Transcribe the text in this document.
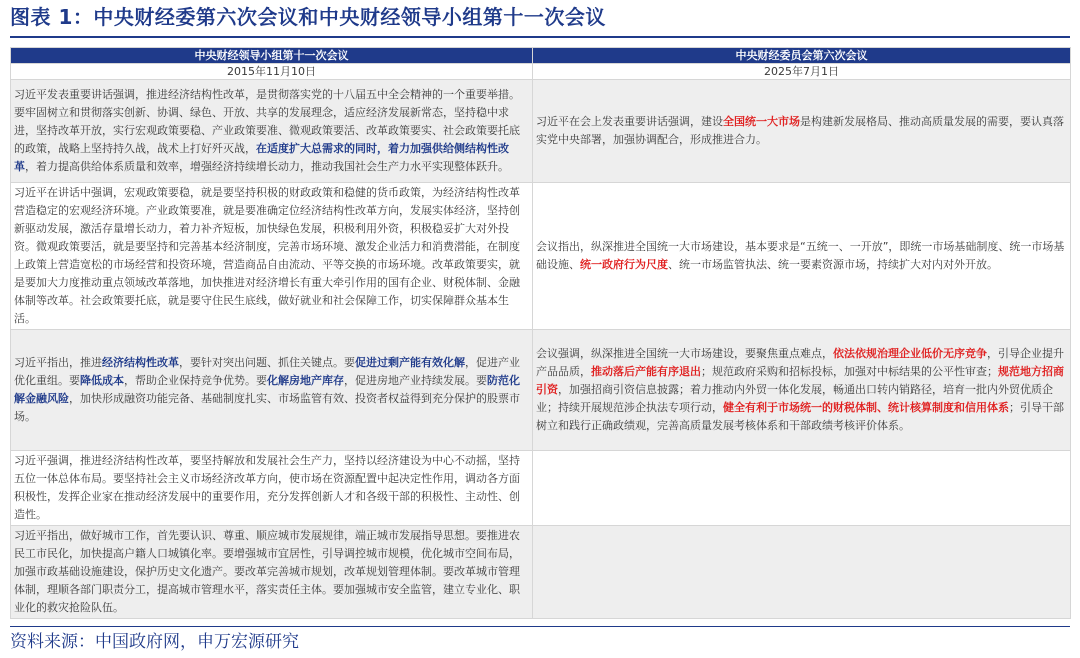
图表 1：中央财经委第六次会议和中央财经领导小组第十一次会议
中央财经领导小组第十一次会议	中央财经委员会第六次会议
2015年11月10日	2025年7月1日
习近平发表重要讲话强调，推进经济结构性改革，是贯彻落实党的十八届五中全会精神的一个重要举措。要牢固树立和贯彻落实创新、协调、绿色、开放、共享的发展理念，适应经济发展新常态，坚持稳中求进，坚持改革开放，实行宏观政策要稳、产业政策要准、微观政策要活、改革政策要实、社会政策要托底的政策，战略上坚持持久战，战术上打好歼灭战，在适度扩大总需求的同时，着力加强供给侧结构性改革，着力提高供给体系质量和效率，增强经济持续增长动力，推动我国社会生产力水平实现整体跃升。	习近平在会上发表重要讲话强调，建设全国统一大市场是构建新发展格局、推动高质量发展的需要，要认真落实党中央部署，加强协调配合，形成推进合力。
习近平在讲话中强调，宏观政策要稳，就是要坚持积极的财政政策和稳健的货币政策，为经济结构性改革营造稳定的宏观经济环境。产业政策要准，就是要准确定位经济结构性改革方向，发展实体经济，坚持创新驱动发展，激活存量增长动力，着力补齐短板，加快绿色发展，积极利用外资，积极稳妥扩大对外投资。微观政策要活，就是要坚持和完善基本经济制度，完善市场环境、激发企业活力和消费潜能，在制度上政策上营造宽松的市场经营和投资环境，营造商品自由流动、平等交换的市场环境。改革政策要实，就是要加大力度推动重点领域改革落地，加快推进对经济增长有重大牵引作用的国有企业、财税体制、金融体制等改革。社会政策要托底，就是要守住民生底线，做好就业和社会保障工作，切实保障群众基本生活。	会议指出，纵深推进全国统一大市场建设，基本要求是“五统一、一开放”，即统一市场基础制度、统一市场基础设施、统一政府行为尺度、统一市场监管执法、统一要素资源市场，持续扩大对内对外开放。
习近平指出，推进经济结构性改革，要针对突出问题、抓住关键点。要促进过剩产能有效化解，促进产业优化重组。要降低成本，帮助企业保持竞争优势。要化解房地产库存，促进房地产业持续发展。要防范化解金融风险，加快形成融资功能完备、基础制度扎实、市场监管有效、投资者权益得到充分保护的股票市场。	会议强调，纵深推进全国统一大市场建设，要聚焦重点难点，依法依规治理企业低价无序竞争，引导企业提升产品品质，推动落后产能有序退出；规范政府采购和招标投标，加强对中标结果的公平性审查；规范地方招商引资，加强招商引资信息披露；着力推动内外贸一体化发展，畅通出口转内销路径，培育一批内外贸优质企业；持续开展规范涉企执法专项行动，健全有利于市场统一的财税体制、统计核算制度和信用体系；引导干部树立和践行正确政绩观，完善高质量发展考核体系和干部政绩考核评价体系。
习近平强调，推进经济结构性改革，要坚持解放和发展社会生产力，坚持以经济建设为中心不动摇，坚持五位一体总体布局。要坚持社会主义市场经济改革方向，使市场在资源配置中起决定性作用，调动各方面积极性，发挥企业家在推动经济发展中的重要作用，充分发挥创新人才和各级干部的积极性、主动性、创造性。	
习近平指出，做好城市工作，首先要认识、尊重、顺应城市发展规律，端正城市发展指导思想。要推进农民工市民化，加快提高户籍人口城镇化率。要增强城市宜居性，引导调控城市规模，优化城市空间布局，加强市政基础设施建设，保护历史文化遗产。要改革完善城市规划，改革规划管理体制。要改革城市管理体制，理顺各部门职责分工，提高城市管理水平，落实责任主体。要加强城市安全监管，建立专业化、职业化的救灾抢险队伍。	
资料来源：中国政府网，申万宏源研究
